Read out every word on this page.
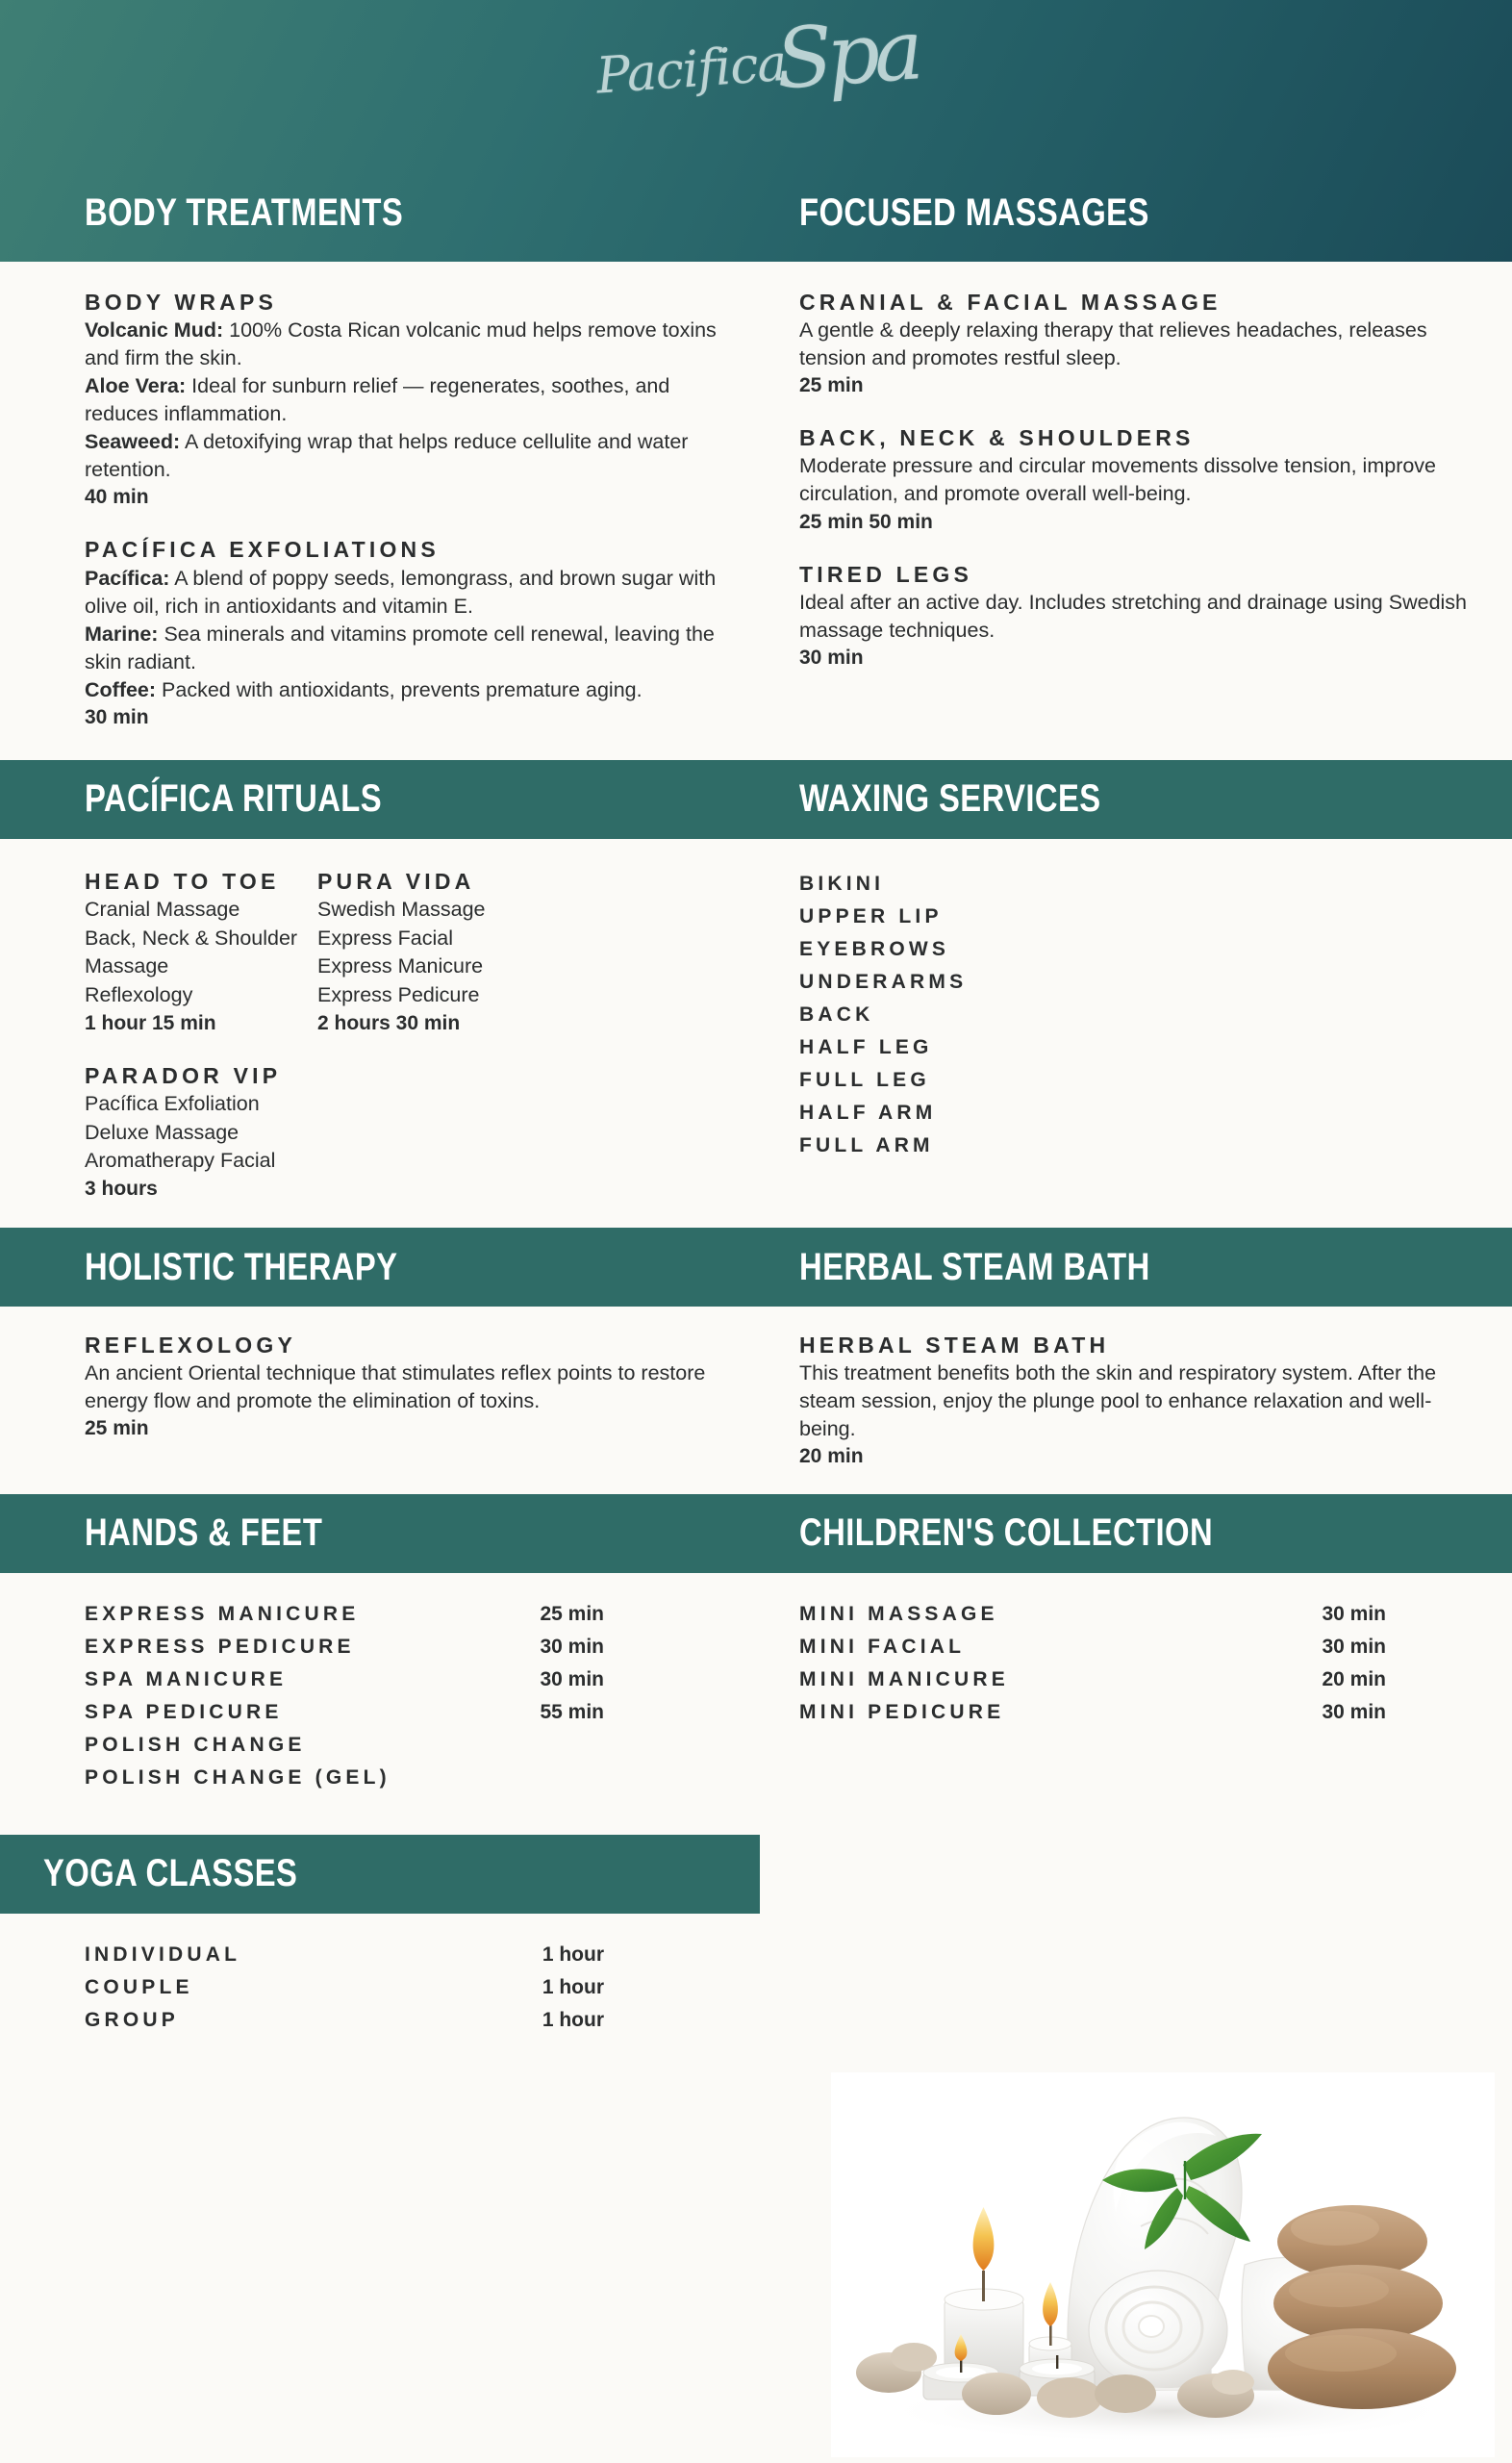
PacificaSpa
BODY TREATMENTS	FOCUSED MASSAGES
BODY WRAPS
Volcanic Mud: 100% Costa Rican volcanic mud helps remove toxins and firm the skin.
Aloe Vera: Ideal for sunburn relief — regenerates, soothes, and reduces inflammation.
Seaweed: A detoxifying wrap that helps reduce cellulite and water retention.
40 min
PACÍFICA EXFOLIATIONS
Pacífica: A blend of poppy seeds, lemongrass, and brown sugar with olive oil, rich in antioxidants and vitamin E.
Marine: Sea minerals and vitamins promote cell renewal, leaving the skin radiant.
Coffee: Packed with antioxidants, prevents premature aging.
30 min
CRANIAL & FACIAL MASSAGE
A gentle & deeply relaxing therapy that relieves headaches, releases tension and promotes restful sleep.
25 min
BACK, NECK & SHOULDERS
Moderate pressure and circular movements dissolve tension, improve circulation, and promote overall well-being.
25 min 50 min
TIRED LEGS
Ideal after an active day. Includes stretching and drainage using Swedish massage techniques.
30 min
PACÍFICA RITUALS	WAXING SERVICES
HEAD TO TOE
Cranial Massage
Back, Neck & Shoulder Massage
Reflexology
1 hour 15 min
PARADOR VIP
Pacífica Exfoliation
Deluxe Massage
Aromatherapy Facial
3 hours
PURA VIDA
Swedish Massage
Express Facial
Express Manicure
Express Pedicure
2 hours 30 min
BIKINI
UPPER LIP
EYEBROWS
UNDERARMS
BACK
HALF LEG
FULL LEG
HALF ARM
FULL ARM
HOLISTIC THERAPY	HERBAL STEAM BATH
REFLEXOLOGY
An ancient Oriental technique that stimulates reflex points to restore energy flow and promote the elimination of toxins.
25 min
HERBAL STEAM BATH
This treatment benefits both the skin and respiratory system. After the steam session, enjoy the plunge pool to enhance relaxation and well-being.
20 min
HANDS & FEET	CHILDREN'S COLLECTION
EXPRESS MANICURE	25 min
EXPRESS PEDICURE	30 min
SPA MANICURE	30 min
SPA PEDICURE	55 min
POLISH CHANGE
POLISH CHANGE (GEL)
MINI MASSAGE	30 min
MINI FACIAL	30 min
MINI MANICURE	20 min
MINI PEDICURE	30 min
YOGA CLASSES
INDIVIDUAL	1 hour
COUPLE	1 hour
GROUP	1 hour
